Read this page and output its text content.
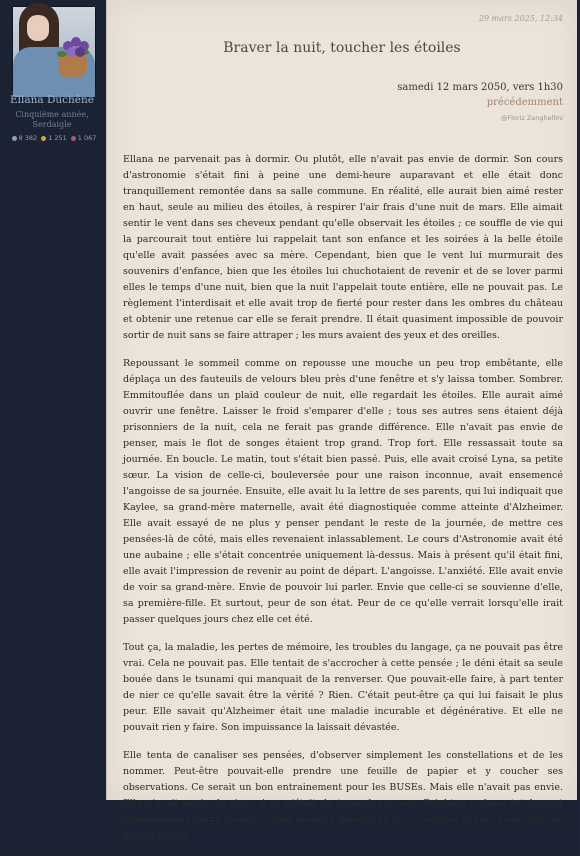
Ellana Duchêne
Cinquième année,
Serdaigle
8 382 1 251 1 067
29 mars 2025, 12:34
Braver la nuit, toucher les étoiles
samedi 12 mars 2050, vers 1h30
précédemment
@Floriz Zanghellini

Ellana ne parvenait pas à dormir. Ou plutôt, elle n'avait pas envie de dormir. Son cours d'astronomie s'était fini à peine une demi-heure auparavant et elle était donc tranquillement remontée dans sa salle commune. En réalité, elle aurait bien aimé rester en haut, seule au milieu des étoiles, à respirer l'air frais d'une nuit de mars. Elle aimait sentir le vent dans ses cheveux pendant qu'elle observait les étoiles ; ce souffle de vie qui la parcourait tout entière lui rappelait tant son enfance et les soirées à la belle étoile qu'elle avait passées avec sa mère. Cependant, bien que le vent lui murmurait des souvenirs d'enfance, bien que les étoiles lui chuchotaient de revenir et de se lover parmi elles le temps d'une nuit, bien que la nuit l'appelait toute entière, elle ne pouvait pas. Le règlement l'interdisait et elle avait trop de fierté pour rester dans les ombres du château et obtenir une retenue car elle se ferait prendre. Il était quasiment impossible de pouvoir sortir de nuit sans se faire attraper ; les murs avaient des yeux et des oreilles.

Repoussant le sommeil comme on repousse une mouche un peu trop embêtante, elle déplaça un des fauteuils de velours bleu près d'une fenêtre et s'y laissa tomber. Sombrer. Emmitouflée dans un plaid couleur de nuit, elle regardait les étoiles. Elle aurait aimé ouvrir une fenêtre. Laisser le froid s'emparer d'elle ; tous ses autres sens étaient déjà prisonniers de la nuit, cela ne ferait pas grande différence. Elle n'avait pas envie de penser, mais le flot de songes étaient trop grand. Trop fort. Elle ressassait toute sa journée. En boucle. Le matin, tout s'était bien passé. Puis, elle avait croisé Lyna, sa petite sœur. La vision de celle-ci, bouleversée pour une raison inconnue, avait ensemencé l'angoisse de sa journée. Ensuite, elle avait lu la lettre de ses parents, qui lui indiquait que Kaylee, sa grand-mère maternelle, avait été diagnostiquée comme atteinte d'Alzheimer. Elle avait essayé de ne plus y penser pendant le reste de la journée, de mettre ces pensées-là de côté, mais elles revenaient inlassablement. Le cours d'Astronomie avait été une aubaine ; elle s'était concentrée uniquement là-dessus. Mais à présent qu'il était fini, elle avait l'impression de revenir au point de départ. L'angoisse. L'anxiété. Elle avait envie de voir sa grand-mère. Envie de pouvoir lui parler. Envie que celle-ci se souvienne d'elle, sa première-fille. Et surtout, peur de son état. Peur de ce qu'elle verrait lorsqu'elle irait passer quelques jours chez elle cet été.

Tout ça, la maladie, les pertes de mémoire, les troubles du langage, ça ne pouvait pas être vrai. Cela ne pouvait pas. Elle tentait de s'accrocher à cette pensée ; le déni était sa seule bouée dans le tsunami qui manquait de la renverser. Que pouvait-elle faire, à part tenter de nier ce qu'elle savait être la vérité ? Rien. C'était peut-être ça qui lui faisait le plus peur. Elle savait qu'Alzheimer était une maladie incurable et dégénérative. Et elle ne pouvait rien y faire. Son impuissance la laissait dévastée.

Elle tenta de canaliser ses pensées, d'observer simplement les constellations et de les nommer. Peut-être pouvait-elle prendre une feuille de papier et y coucher ses observations. Ce serait un bon entrainement pour les BUSEs. Mais elle n'avait pas envie. Elle n'avait envie de rien, si ce n'était de transplaner vers Brighton - chose totalement impossible à l'heure présente. Elle resserra davantage la couverture autour d'elle. Elle ne dormirait pas.
